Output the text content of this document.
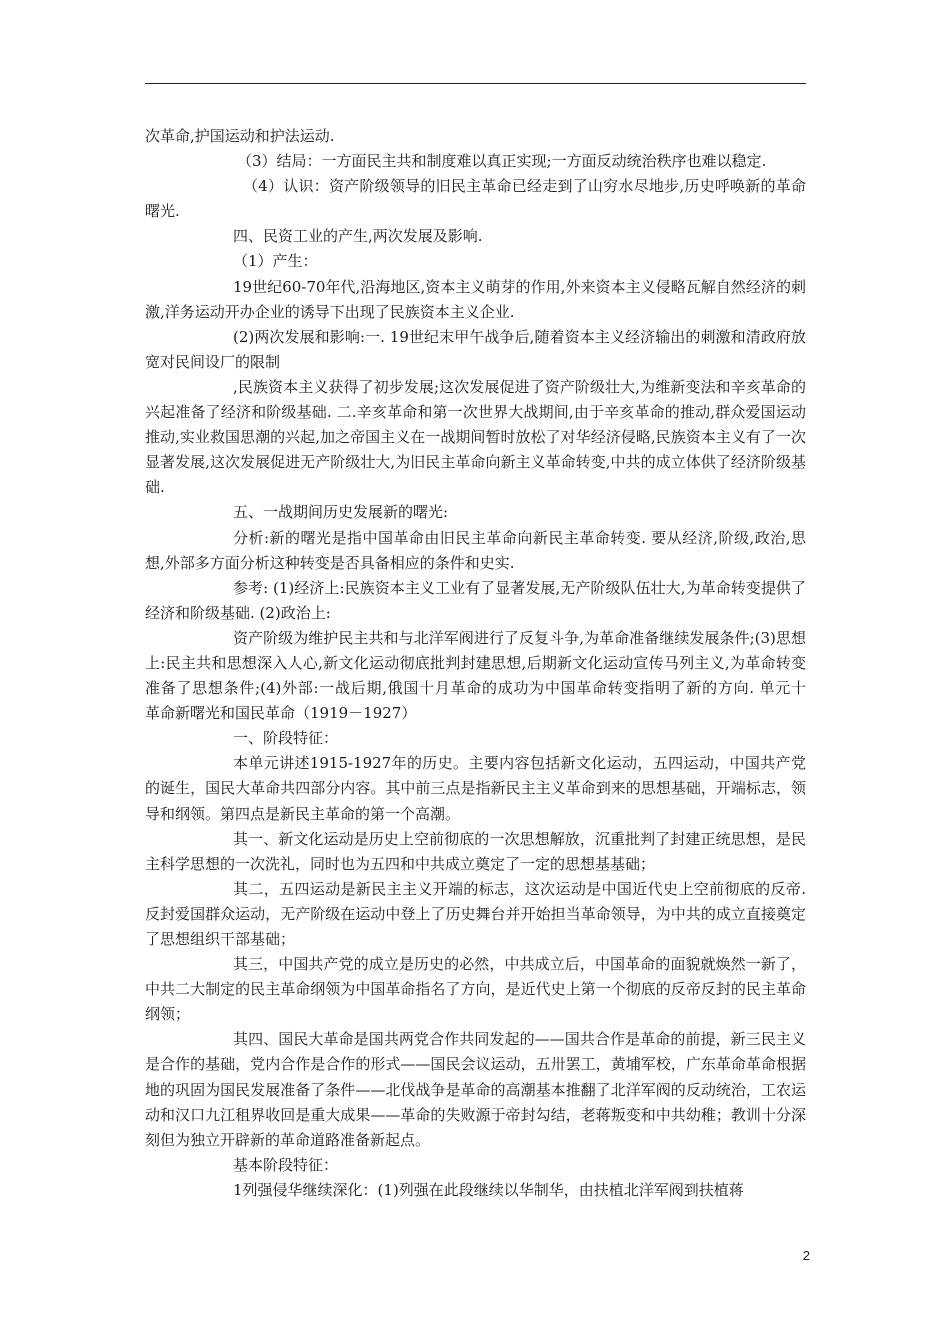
次革命,护国运动和护法运动.

（3）结局：一方面民主共和制度难以真正实现;一方面反动统治秩序也难以稳定.

（4）认识：资产阶级领导的旧民主革命已经走到了山穷水尽地步,历史呼唤新的革命曙光.

四、民资工业的产生,两次发展及影响.

（1）产生：

19世纪60-70年代,沿海地区,资本主义萌芽的作用,外来资本主义侵略瓦解自然经济的刺激,洋务运动开办企业的诱导下出现了民族资本主义企业.

(2)两次发展和影响:一. 19世纪末甲午战争后,随着资本主义经济输出的刺激和清政府放宽对民间设厂的限制

,民族资本主义获得了初步发展;这次发展促进了资产阶级壮大,为维新变法和辛亥革命的兴起准备了经济和阶级基础. 二.辛亥革命和第一次世界大战期间,由于辛亥革命的推动,群众爱国运动推动,实业救国思潮的兴起,加之帝国主义在一战期间暂时放松了对华经济侵略,民族资本主义有了一次显著发展,这次发展促进无产阶级壮大,为旧民主革命向新主义革命转变,中共的成立体供了经济阶级基础.

五、一战期间历史发展新的曙光:

分析:新的曙光是指中国革命由旧民主革命向新民主革命转变. 要从经济,阶级,政治,思想,外部多方面分析这种转变是否具备相应的条件和史实.

参考: (1)经济上:民族资本主义工业有了显著发展,无产阶级队伍壮大,为革命转变提供了经济和阶级基础. (2)政治上:

资产阶级为维护民主共和与北洋军阀进行了反复斗争,为革命准备继续发展条件;(3)思想上:民主共和思想深入人心,新文化运动彻底批判封建思想,后期新文化运动宣传马列主义,为革命转变准备了思想条件;(4)外部:一战后期,俄国十月革命的成功为中国革命转变指明了新的方向. 单元十　　革命新曙光和国民革命（1919－1927）

一、阶段特征：

本单元讲述1915-1927年的历史。主要内容包括新文化运动，五四运动，中国共产党的诞生，国民大革命共四部分内容。其中前三点是指新民主主义革命到来的思想基础，开端标志，领导和纲领。第四点是新民主革命的第一个高潮。

其一、新文化运动是历史上空前彻底的一次思想解放，沉重批判了封建正统思想，是民主科学思想的一次洗礼，同时也为五四和中共成立奠定了一定的思想基基础；

其二，五四运动是新民主主义开端的标志，这次运动是中国近代史上空前彻底的反帝.反封爱国群众运动，无产阶级在运动中登上了历史舞台并开始担当革命领导，为中共的成立直接奠定了思想组织干部基础；

其三，中国共产党的成立是历史的必然，中共成立后，中国革命的面貌就焕然一新了，中共二大制定的民主革命纲领为中国革命指名了方向，是近代史上第一个彻底的反帝反封的民主革命纲领；

其四、国民大革命是国共两党合作共同发起的——国共合作是革命的前提，新三民主义是合作的基础，党内合作是合作的形式——国民会议运动，五卅罢工，黄埔军校，广东革命革命根据地的巩固为国民发展准备了条件——北伐战争是革命的高潮基本推翻了北洋军阀的反动统治，工农运动和汉口九江租界收回是重大成果——革命的失败源于帝封勾结，老蒋叛变和中共幼稚；教训十分深刻但为独立开辟新的革命道路准备新起点。

基本阶段特征：

1列强侵华继续深化：(1)列强在此段继续以华制华，由扶植北洋军阀到扶植蒋

2
